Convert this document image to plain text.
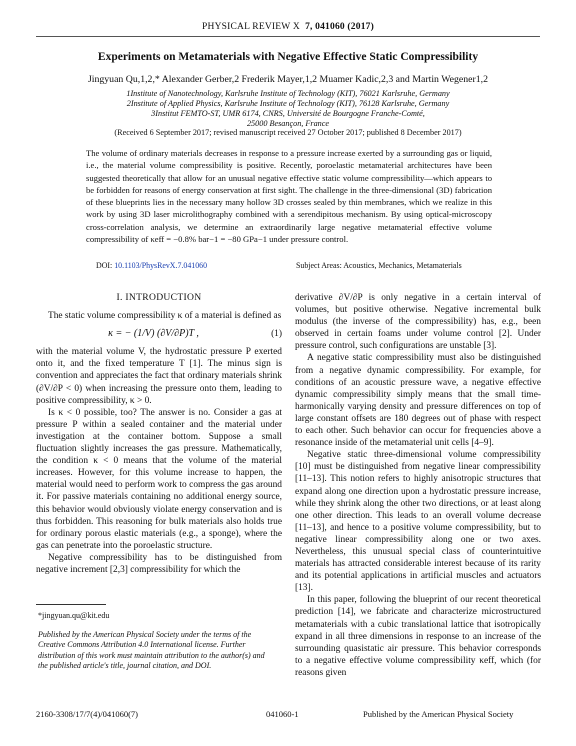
PHYSICAL REVIEW X 7, 041060 (2017)
Experiments on Metamaterials with Negative Effective Static Compressibility
Jingyuan Qu,1,2,* Alexander Gerber,2 Frederik Mayer,1,2 Muamer Kadic,2,3 and Martin Wegener1,2
1Institute of Nanotechnology, Karlsruhe Institute of Technology (KIT), 76021 Karlsruhe, Germany
2Institute of Applied Physics, Karlsruhe Institute of Technology (KIT), 76128 Karlsruhe, Germany
3Institut FEMTO-ST, UMR 6174, CNRS, Université de Bourgogne Franche-Comté,
25000 Besançon, France
(Received 6 September 2017; revised manuscript received 27 October 2017; published 8 December 2017)
The volume of ordinary materials decreases in response to a pressure increase exerted by a surrounding gas or liquid, i.e., the material volume compressibility is positive. Recently, poroelastic metamaterial architectures have been suggested theoretically that allow for an unusual negative effective static volume compressibility—which appears to be forbidden for reasons of energy conservation at first sight. The challenge in the three-dimensional (3D) fabrication of these blueprints lies in the necessary many hollow 3D crosses sealed by thin membranes, which we realize in this work by using 3D laser microlithography combined with a serendipitous mechanism. By using optical-microscopy cross-correlation analysis, we determine an extraordinarily large negative metamaterial effective volume compressibility of κeff = −0.8% bar−1 = −80 GPa−1 under pressure control.
DOI: 10.1103/PhysRevX.7.041060	Subject Areas: Acoustics, Mechanics, Metamaterials
I. INTRODUCTION

The static volume compressibility κ of a material is defined as

κ = − (1/V) (∂V/∂P)T ,	(1)

with the material volume V, the hydrostatic pressure P exerted onto it, and the fixed temperature T [1]. The minus sign is convention and appreciates the fact that ordinary materials shrink (∂V/∂P < 0) when increasing the pressure onto them, leading to positive compressibility, κ > 0.

Is κ < 0 possible, too? The answer is no. Consider a gas at pressure P within a sealed container and the material under investigation at the container bottom. Suppose a small fluctuation slightly increases the gas pressure. Mathematically, the condition κ < 0 means that the volume of the material increases. However, for this volume increase to happen, the material would need to perform work to compress the gas around it. For passive materials containing no additional energy source, this behavior would obviously violate energy conservation and is thus forbidden. This reasoning for bulk materials also holds true for ordinary porous elastic materials (e.g., a sponge), where the gas can penetrate into the poroelastic structure.

Negative compressibility has to be distinguished from negative increment [2,3] compressibility for which the

*jingyuan.qu@kit.edu
Published by the American Physical Society under the terms of the Creative Commons Attribution 4.0 International license. Further distribution of this work must maintain attribution to the author(s) and the published article's title, journal citation, and DOI.

derivative ∂V/∂P is only negative in a certain interval of volumes, but positive otherwise. Negative incremental bulk modulus (the inverse of the compressibility) has, e.g., been observed in certain foams under volume control [2]. Under pressure control, such configurations are unstable [3].

A negative static compressibility must also be distinguished from a negative dynamic compressibility. For example, for conditions of an acoustic pressure wave, a negative effective dynamic compressibility simply means that the small time-harmonically varying density and pressure differences on top of large constant offsets are 180 degrees out of phase with respect to each other. Such behavior can occur for frequencies above a resonance inside of the metamaterial unit cells [4–9].

Negative static three-dimensional volume compressibility [10] must be distinguished from negative linear compressibility [11–13]. This notion refers to highly anisotropic structures that expand along one direction upon a hydrostatic pressure increase, while they shrink along the other two directions, or at least along one other direction. This leads to an overall volume decrease [11–13], and hence to a positive volume compressibility, but to negative linear compressibility along one or two axes. Nevertheless, this unusual special class of counterintuitive materials has attracted considerable interest because of its rarity and its potential applications in artificial muscles and actuators [13].

In this paper, following the blueprint of our recent theoretical prediction [14], we fabricate and characterize microstructured metamaterials with a cubic translational lattice that isotropically expand in all three dimensions in response to an increase of the surrounding quasistatic air pressure. This behavior corresponds to a negative effective volume compressibility κeff, which (for reasons given

2160-3308/17/7(4)/041060(7)	041060-1	Published by the American Physical Society
